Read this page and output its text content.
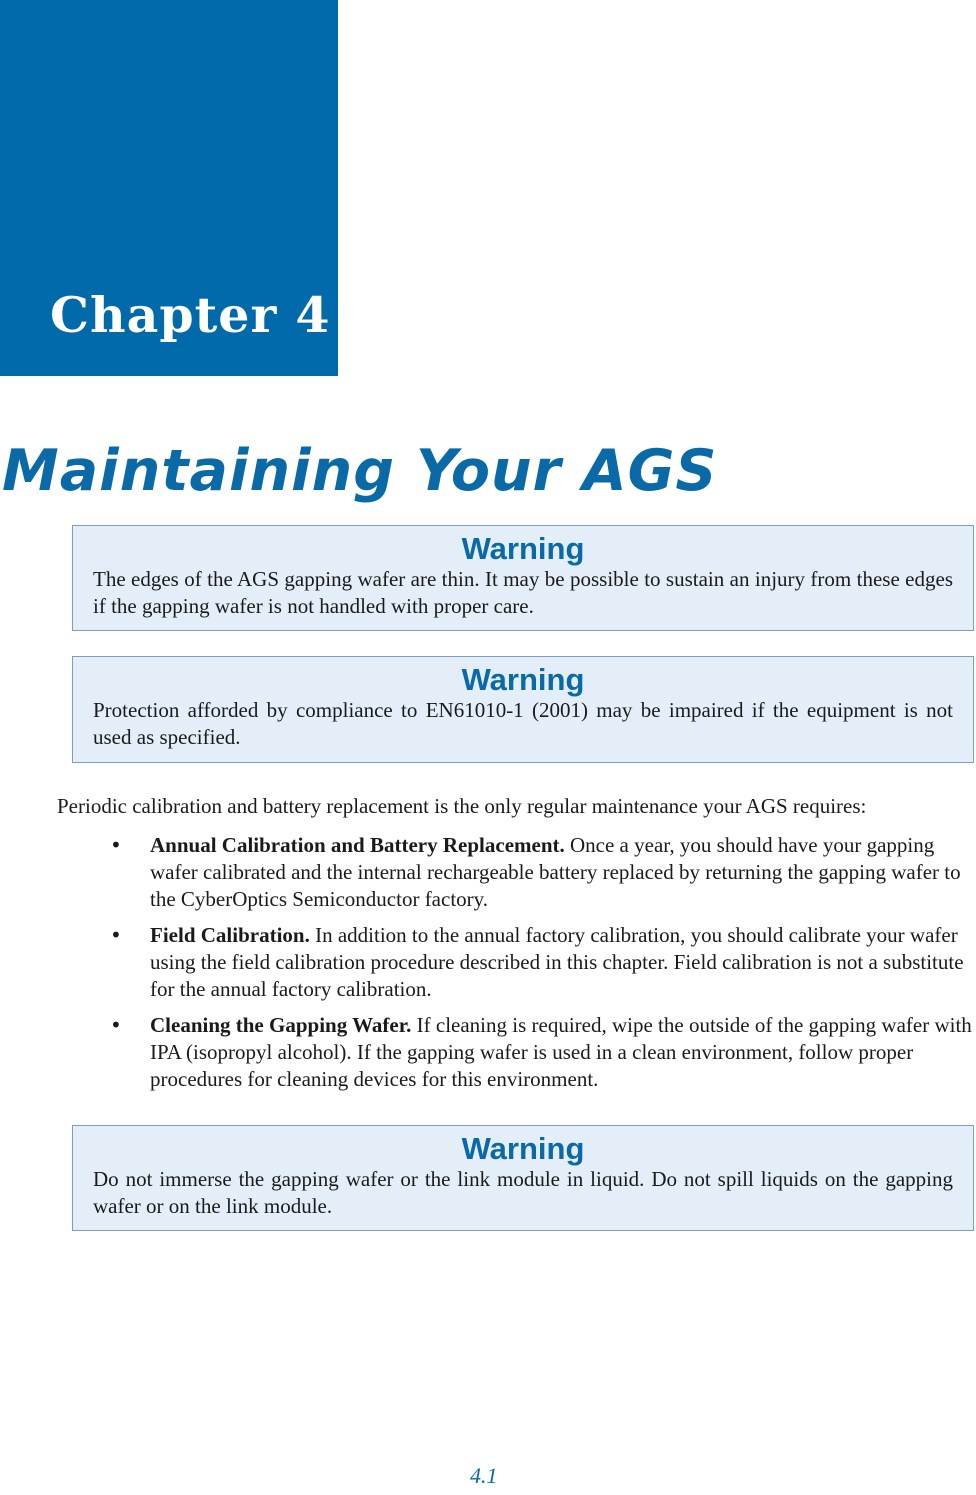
Chapter 4
Maintaining Your AGS
Warning
The edges of the AGS gapping wafer are thin. It may be possible to sustain an injury from these edges if the gapping wafer is not handled with proper care.
Warning
Protection afforded by compliance to EN61010-1 (2001) may be impaired if the equipment is not used as specified.
Periodic calibration and battery replacement is the only regular maintenance your AGS requires:
• Annual Calibration and Battery Replacement. Once a year, you should have your gapping wafer calibrated and the internal rechargeable battery replaced by returning the gapping wafer to the CyberOptics Semiconductor factory.
• Field Calibration. In addition to the annual factory calibration, you should calibrate your wafer using the field calibration procedure described in this chapter. Field calibration is not a substitute for the annual factory calibration.
• Cleaning the Gapping Wafer. If cleaning is required, wipe the outside of the gapping wafer with IPA (isopropyl alcohol). If the gapping wafer is used in a clean environment, follow proper procedures for cleaning devices for this environment.
Warning
Do not immerse the gapping wafer or the link module in liquid. Do not spill liquids on the gapping wafer or on the link module.
4.1
